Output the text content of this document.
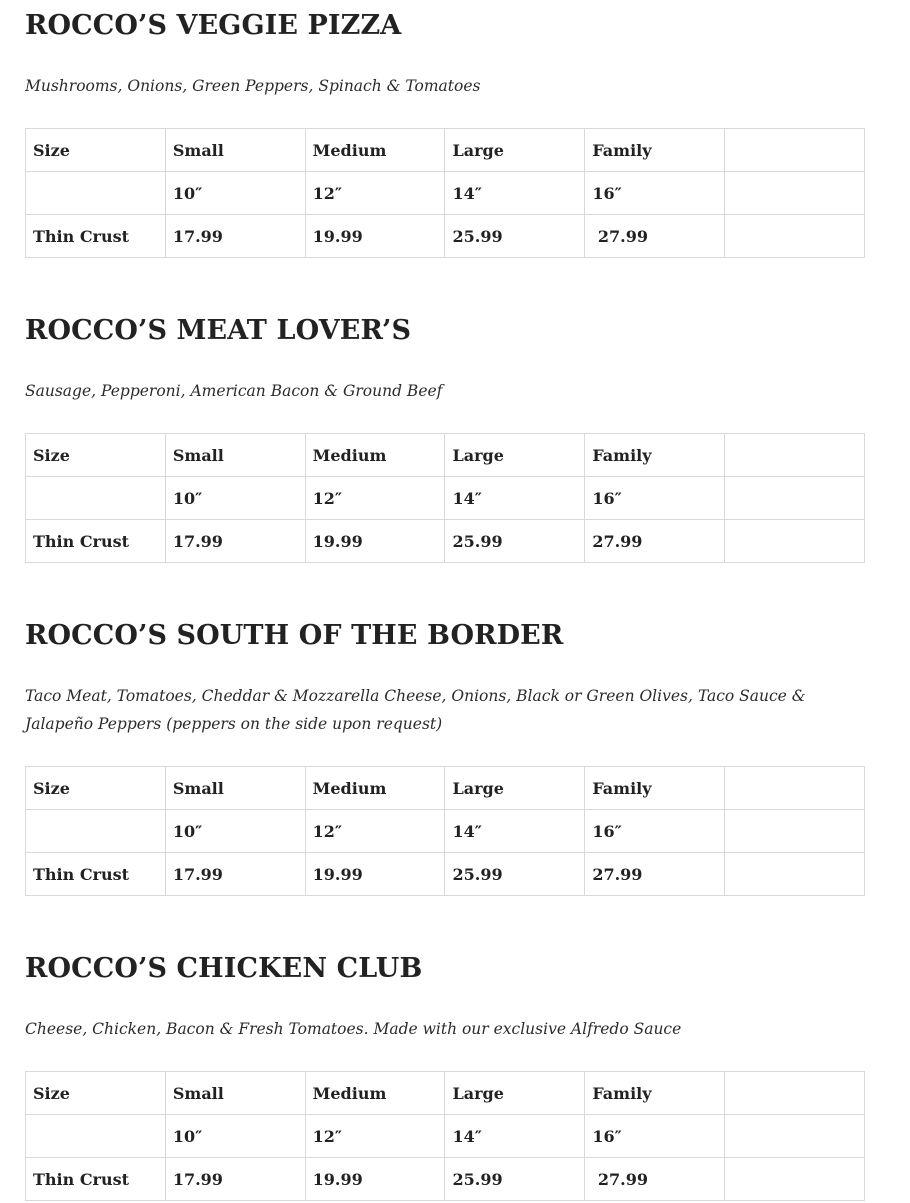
ROCCO’S VEGGIE PIZZA

Mushrooms, Onions, Green Peppers, Spinach & Tomatoes

Size	Small	Medium	Large	Family	
	10″	12″	14″	16″	
Thin Crust	17.99	19.99	25.99	27.99	
ROCCO’S MEAT LOVER’S

Sausage, Pepperoni, American Bacon & Ground Beef

Size	Small	Medium	Large	Family	
	10″	12″	14″	16″	
Thin Crust	17.99	19.99	25.99	27.99	
ROCCO’S SOUTH OF THE BORDER

Taco Meat, Tomatoes, Cheddar & Mozzarella Cheese, Onions, Black or Green Olives, Taco Sauce & Jalapeño Peppers (peppers on the side upon request)

Size	Small	Medium	Large	Family	
	10″	12″	14″	16″	
Thin Crust	17.99	19.99	25.99	27.99	
ROCCO’S CHICKEN CLUB

Cheese, Chicken, Bacon & Fresh Tomatoes. Made with our exclusive Alfredo Sauce

Size	Small	Medium	Large	Family	
	10″	12″	14″	16″	
Thin Crust	17.99	19.99	25.99	27.99	
